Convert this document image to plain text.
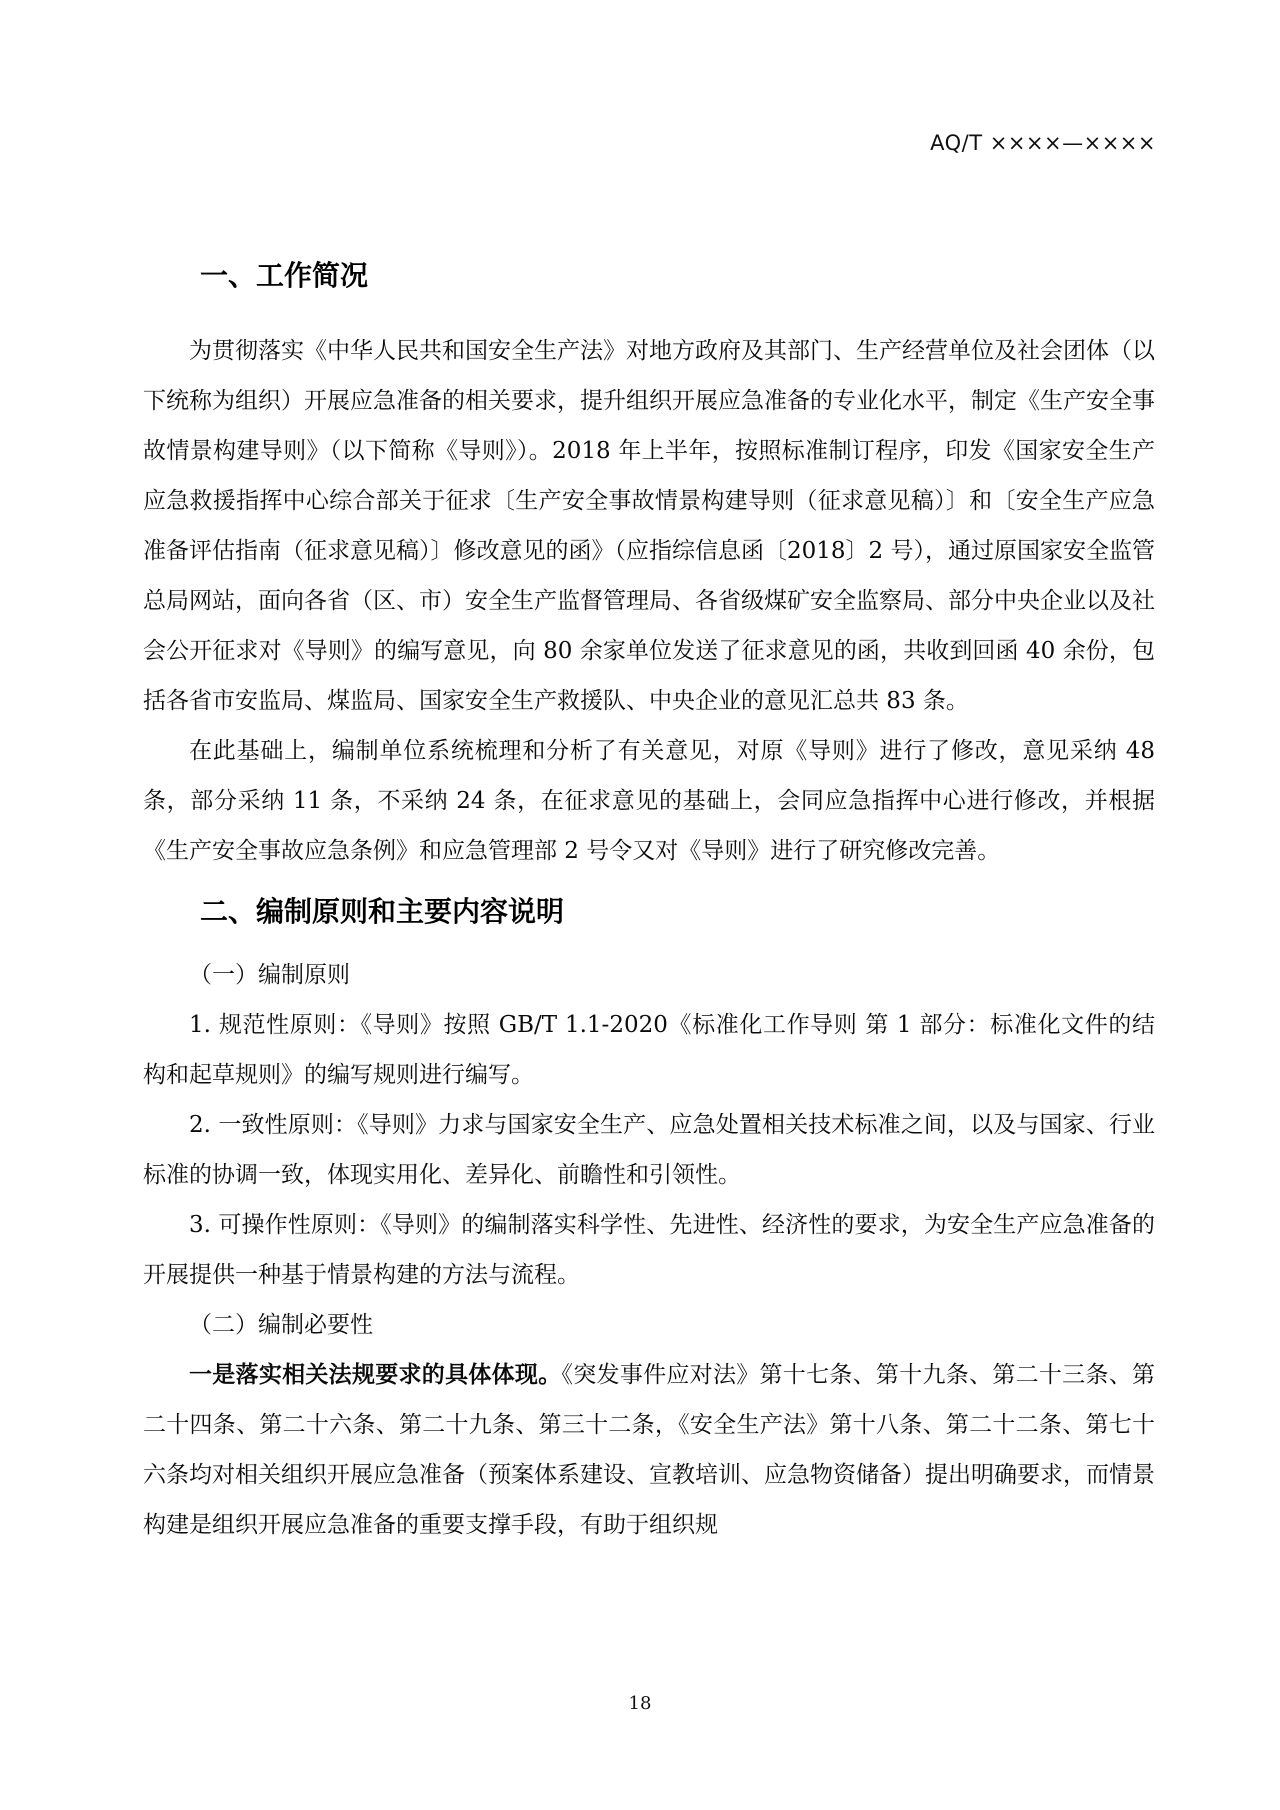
AQ/T ××××—××××
一、工作简况

为贯彻落实《中华人民共和国安全生产法》对地方政府及其部门、生产经营单位及社会团体（以下统称为组织）开展应急准备的相关要求，提升组织开展应急准备的专业化水平，制定《生产安全事故情景构建导则》（以下简称《导则》）。2018 年上半年，按照标准制订程序，印发《国家安全生产应急救援指挥中心综合部关于征求〔生产安全事故情景构建导则（征求意见稿）〕和〔安全生产应急准备评估指南（征求意见稿）〕修改意见的函》（应指综信息函〔2018〕2 号），通过原国家安全监管总局网站，面向各省（区、市）安全生产监督管理局、各省级煤矿安全监察局、部分中央企业以及社会公开征求对《导则》的编写意见，向 80 余家单位发送了征求意见的函，共收到回函 40 余份，包括各省市安监局、煤监局、国家安全生产救援队、中央企业的意见汇总共 83 条。

在此基础上，编制单位系统梳理和分析了有关意见，对原《导则》进行了修改，意见采纳 48 条，部分采纳 11 条，不采纳 24 条，在征求意见的基础上，会同应急指挥中心进行修改，并根据《生产安全事故应急条例》和应急管理部 2 号令又对《导则》进行了研究修改完善。

二、编制原则和主要内容说明

（一）编制原则

1. 规范性原则：《导则》按照 GB/T 1.1-2020《标准化工作导则 第 1 部分：标准化文件的结构和起草规则》的编写规则进行编写。

2. 一致性原则：《导则》力求与国家安全生产、应急处置相关技术标准之间，以及与国家、行业标准的协调一致，体现实用化、差异化、前瞻性和引领性。

3. 可操作性原则：《导则》的编制落实科学性、先进性、经济性的要求，为安全生产应急准备的开展提供一种基于情景构建的方法与流程。

（二）编制必要性

一是落实相关法规要求的具体体现。《突发事件应对法》第十七条、第十九条、第二十三条、第二十四条、第二十六条、第二十九条、第三十二条，《安全生产法》第十八条、第二十二条、第七十六条均对相关组织开展应急准备（预案体系建设、宣教培训、应急物资储备）提出明确要求，而情景构建是组织开展应急准备的重要支撑手段，有助于组织规

18
